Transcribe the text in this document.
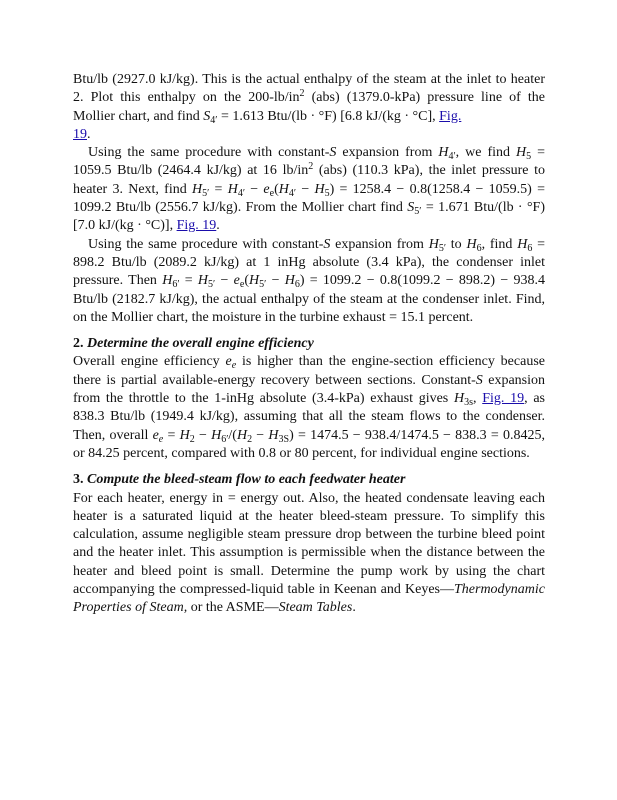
Btu/lb (2927.0 kJ/kg). This is the actual enthalpy of the steam at the inlet to heater 2. Plot this enthalpy on the $200-lb/in^2$ (abs) (1379.0-kPa) pressure line of the Mollier chart, and find $S_{4'} = 1.613$ Btu/(lb · °F) [6.8 kJ/(kg · °C], Fig.
19.

Using the same procedure with constant-S expansion from $H_{4'}$, we find $H_5 = 1059.5$ Btu/lb (2464.4 kJ/kg) at 16 $lb/in^2$ (abs) (110.3 kPa), the inlet pressure to heater 3. Next, find $H_{5'} = H_{4'} - e_e(H_{4'} - H_5) = 1258.4 - 0.8(1258.4 - 1059.5) = 1099.2$ Btu/lb (2556.7 kJ/kg). From the Mollier chart find $S_{5'} = 1.671$ Btu/(lb · °F) [7.0 kJ/(kg · °C)], Fig. 19.

Using the same procedure with constant-S expansion from $H_{5'}$ to $H_6$, find $H_6 = 898.2$ Btu/lb (2089.2 kJ/kg) at 1 inHg absolute (3.4 kPa), the condenser inlet pressure. Then $H_{6'} = H_{5'} - e_e(H_{5'} - H_6) = 1099.2 - 0.8(1099.2 - 898.2) - 938.4$ Btu/lb (2182.7 kJ/kg), the actual enthalpy of the steam at the condenser inlet. Find, on the Mollier chart, the moisture in the turbine exhaust = 15.1 percent.

2. Determine the overall engine efficiency

Overall engine efficiency $e_e$ is higher than the engine-section efficiency because there is partial available-energy recovery between sections. Constant-S expansion from the throttle to the 1-inHg absolute (3.4-kPa) exhaust gives $H_{3s}$, Fig. 19, as 838.3 Btu/lb (1949.4 kJ/kg), assuming that all the steam flows to the condenser. Then, overall $e_e = H_2 - H_{6'}/(H_2 - H_{3S}) = 1474.5 - 938.4/1474.5 - 838.3 = 0.8425$, or 84.25 percent, compared with 0.8 or 80 percent, for individual engine sections.

3. Compute the bleed-steam flow to each feedwater heater

For each heater, energy in = energy out. Also, the heated condensate leaving each heater is a saturated liquid at the heater bleed-steam pressure. To simplify this calculation, assume negligible steam pressure drop between the turbine bleed point and the heater inlet. This assumption is permissible when the distance between the heater and bleed point is small. Determine the pump work by using the chart accompanying the compressed-liquid table in Keenan and Keyes—Thermodynamic Properties of Steam, or the ASME—Steam Tables.
